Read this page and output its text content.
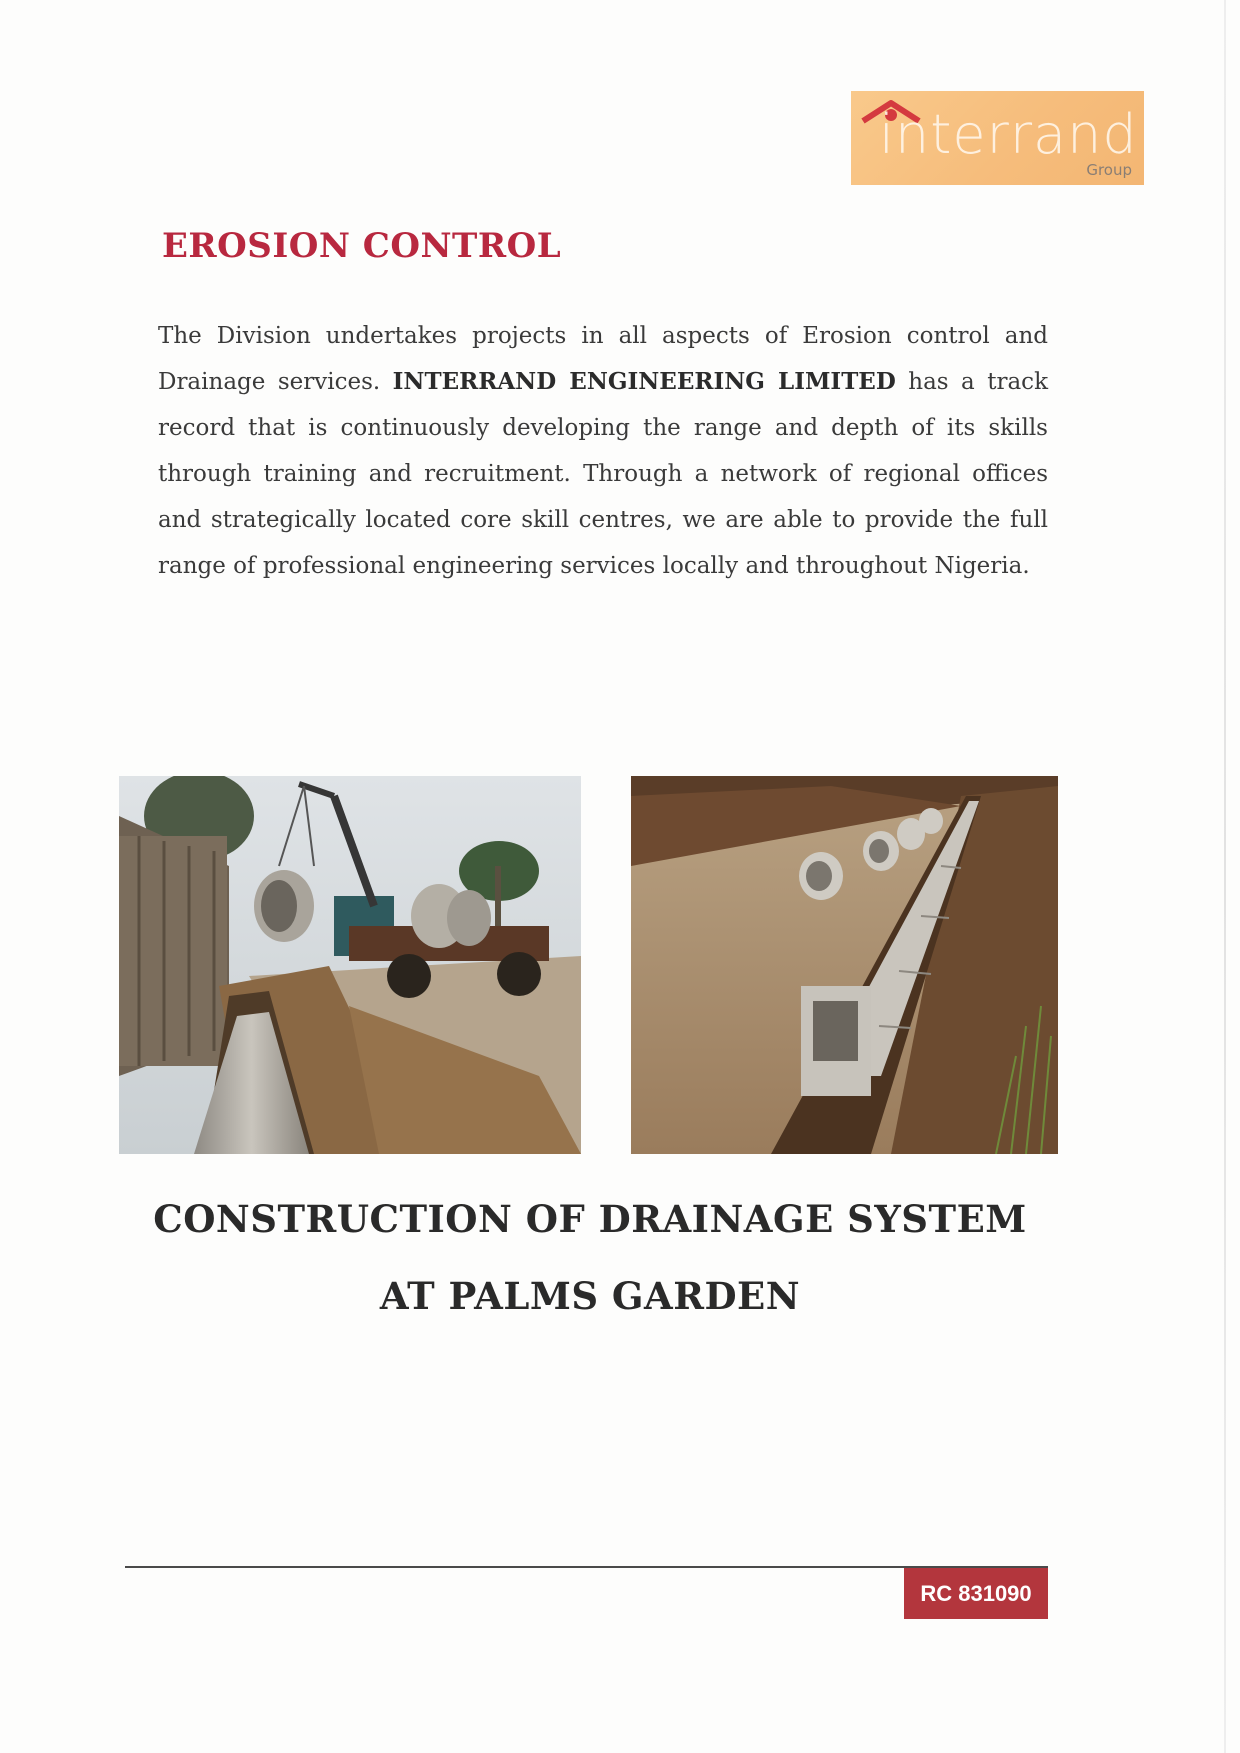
interrand
Group
EROSION CONTROL

The Division undertakes projects in all aspects of Erosion control and Drainage services. INTERRAND ENGINEERING LIMITED has a track record that is continuously developing the range and depth of its skills through training and recruitment. Through a network of regional offices and strategically located core skill centres, we are able to provide the full range of professional engineering services locally and throughout Nigeria.

CONSTRUCTION OF DRAINAGE SYSTEM
AT PALMS GARDEN
RC 831090
